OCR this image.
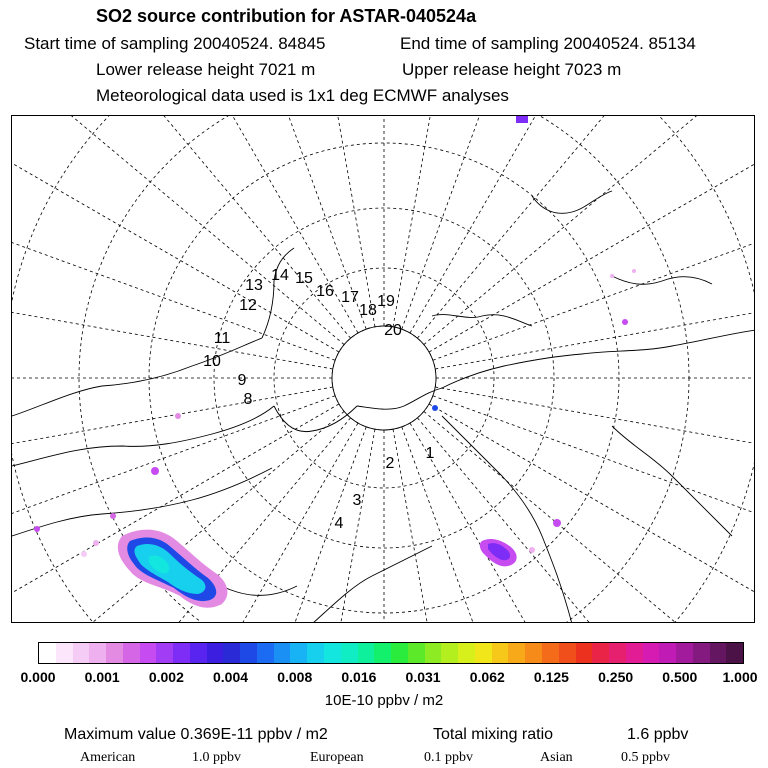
SO2 source contribution for ASTAR-040524a
Start time of sampling 20040524. 84845	End time of sampling 20040524. 85134
Lower release height 7021 m	Upper release height 7023 m
Meteorological data used is 1x1 deg ECMWF analyses
1
2
3
4
8
9
10
11
12
13
14 15
16 17
18
19
20
0.000 0.001 0.002 0.004 0.008 0.016 0.031 0.062 0.125 0.250 0.500 1.000
10E-10 ppbv / m2
Maximum value 0.369E-11 ppbv / m2	Total mixing ratio	1.6 ppbv
American	1.0 ppbv	European	0.1 ppbv	Asian	0.5 ppbv
